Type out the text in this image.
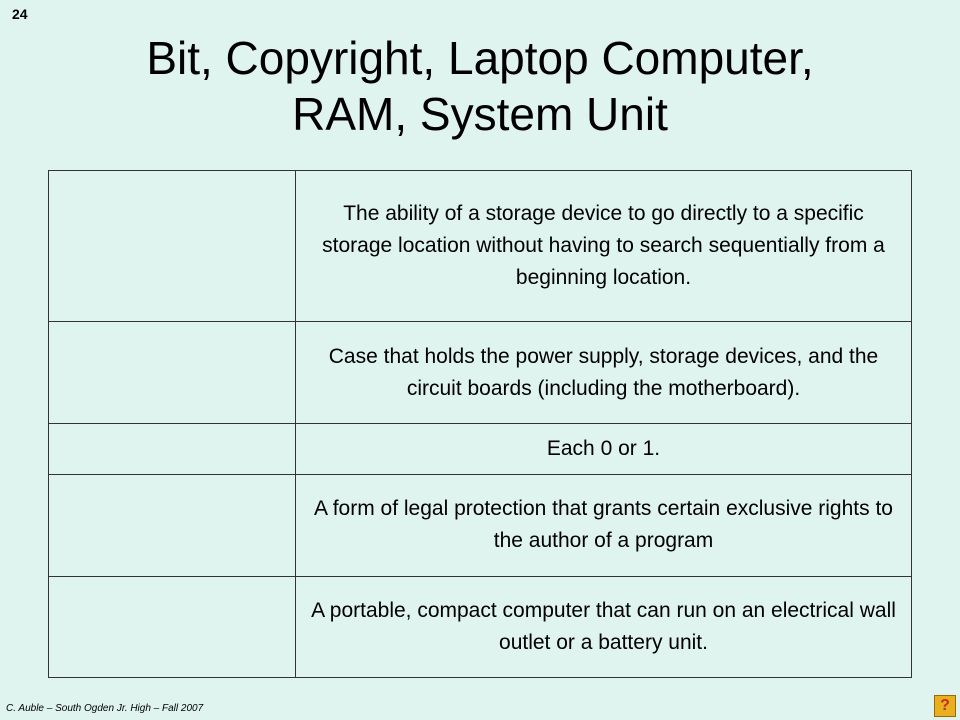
24
Bit, Copyright, Laptop Computer,
RAM, System Unit

	The ability of a storage device to go directly to a specific storage location without having to search sequentially from a beginning location.

	Case that holds the power supply, storage devices, and the circuit boards (including the motherboard).

	Each 0 or 1.

	A form of legal protection that grants certain exclusive rights to the author of a program

	A portable, compact computer that can run on an electrical wall outlet or a battery unit.
C. Auble – South Ogden Jr. High – Fall 2007	?
